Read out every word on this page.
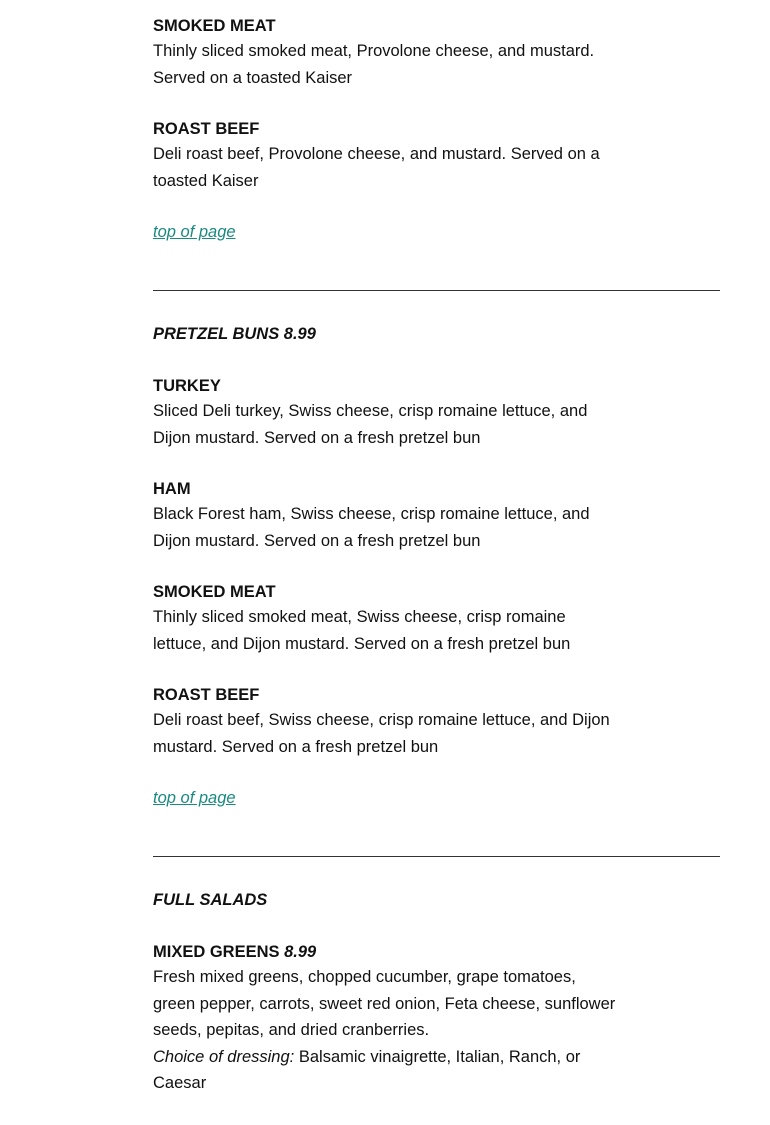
SMOKED MEAT

Thinly sliced smoked meat, Provolone cheese, and mustard. Served on a toasted Kaiser

ROAST BEEF

Deli roast beef, Provolone cheese, and mustard. Served on a toasted Kaiser

top of page

PRETZEL BUNS 8.99

TURKEY

Sliced Deli turkey, Swiss cheese, crisp romaine lettuce, and Dijon mustard. Served on a fresh pretzel bun

HAM

Black Forest ham, Swiss cheese, crisp romaine lettuce, and Dijon mustard. Served on a fresh pretzel bun

SMOKED MEAT

Thinly sliced smoked meat, Swiss cheese, crisp romaine lettuce, and Dijon mustard. Served on a fresh pretzel bun

ROAST BEEF

Deli roast beef, Swiss cheese, crisp romaine lettuce, and Dijon mustard. Served on a fresh pretzel bun

top of page

FULL SALADS

MIXED GREENS 8.99

Fresh mixed greens, chopped cucumber, grape tomatoes, green pepper, carrots, sweet red onion, Feta cheese, sunflower seeds, pepitas, and dried cranberries.

Choice of dressing: Balsamic vinaigrette, Italian, Ranch, or Caesar
